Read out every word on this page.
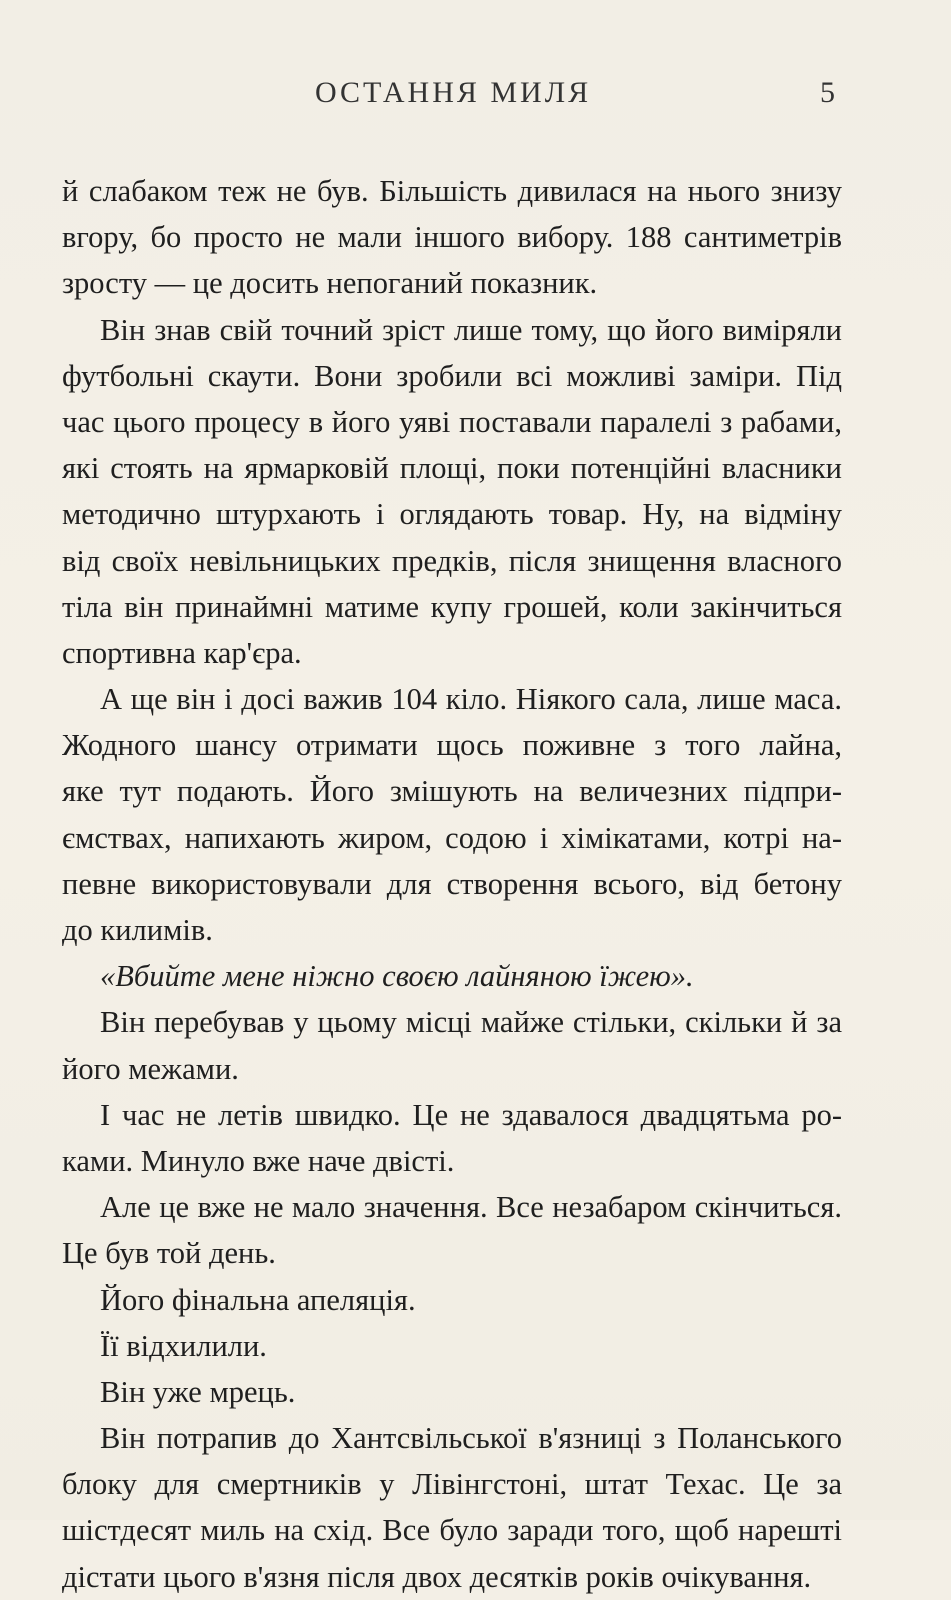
ОСТАННЯ МИЛЯ	5
й слабаком теж не був. Більшість дивилася на нього знизу
вгору, бо просто не мали іншого вибору. 188 сантиметрів
зросту — це досить непоганий показник.
Він знав свій точний зріст лише тому, що його виміряли
футбольні скаути. Вони зробили всі можливі заміри. Під
час цього процесу в його уяві поставали паралелі з рабами,
які стоять на ярмарковій площі, поки потенційні власники
методично штурхають і оглядають товар. Ну, на відміну
від своїх невільницьких предків, після знищення власного
тіла він принаймні матиме купу грошей, коли закінчиться
спортивна кар'єра.
А ще він і досі важив 104 кіло. Ніякого сала, лише маса.
Жодного шансу отримати щось поживне з того лайна,
яке тут подають. Його змішують на величезних підпри-
ємствах, напихають жиром, содою і хімікатами, котрі на-
певне використовували для створення всього, від бетону
до килимів.
«Вбийте мене ніжно своєю лайняною їжею».
Він перебував у цьому місці майже стільки, скільки й за
його межами.
І час не летів швидко. Це не здавалося двадцятьма ро-
ками. Минуло вже наче двісті.
Але це вже не мало значення. Все незабаром скінчиться.
Це був той день.
Його фінальна апеляція.
Її відхилили.
Він уже мрець.
Він потрапив до Хантсвільської в'язниці з Поланського
блоку для смертників у Лівінгстоні, штат Техас. Це за
шістдесят миль на схід. Все було заради того, щоб нарешті
дістати цього в'язня після двох десятків років очікування.
